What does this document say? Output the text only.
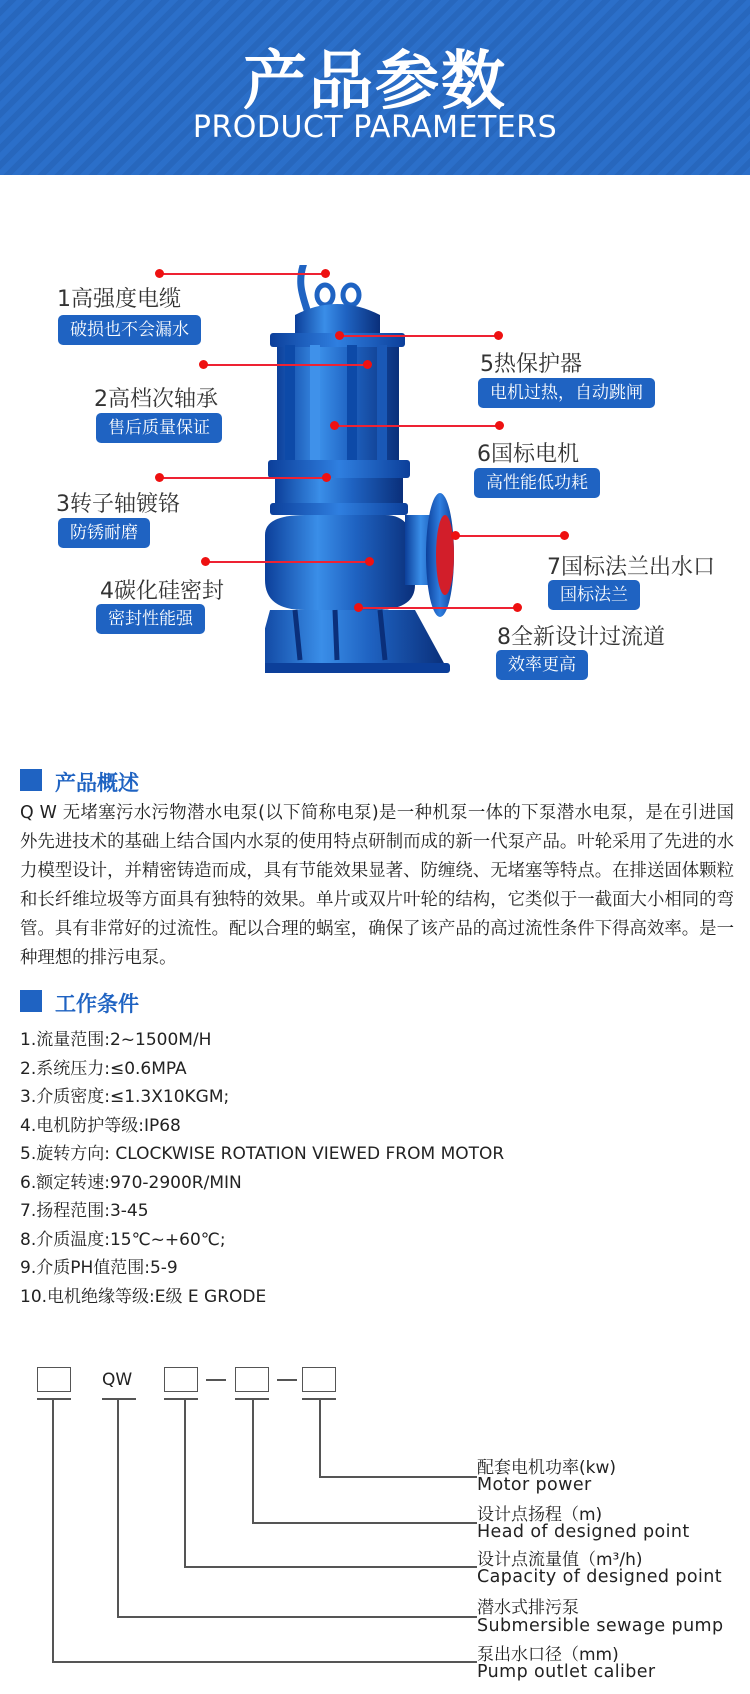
产品参数
PRODUCT PARAMETERS
1高强度电缆
破损也不会漏水
2高档次轴承
售后质量保证
3转子轴镀铬
防锈耐磨
4碳化硅密封
密封性能强
5热保护器
电机过热，自动跳闸
6国标电机
高性能低功耗
7国标法兰出水口
国标法兰
8全新设计过流道
效率更高
产品概述
Q W 无堵塞污水污物潜水电泵(以下简称电泵)是一种机泵一体的下泵潜水电泵，是在引进国外先进技术的基础上结合国内水泵的使用特点研制而成的新一代泵产品。叶轮采用了先进的水力模型设计，并精密铸造而成，具有节能效果显著、防缠绕、无堵塞等特点。在排送固体颗粒和长纤维垃圾等方面具有独特的效果。单片或双片叶轮的结构，它类似于一截面大小相同的弯管。具有非常好的过流性。配以合理的蜗室，确保了该产品的高过流性条件下得高效率。是一种理想的排污电泵。
工作条件
1.流量范围:2~1500M/H
2.系统压力:≤0.6MPA
3.介质密度:≤1.3X10KGM;
4.电机防护等级:IP68
5.旋转方向: CLOCKWISE ROTATION VIEWED FROM MOTOR
6.额定转速:970-2900R/MIN
7.扬程范围:3-45
8.介质温度:15℃~+60℃;
9.介质PH值范围:5-9
10.电机绝缘等级:E级 E GRODE
QW
配套电机功率(kw)
Motor power
设计点扬程（m)
Head of designed point
设计点流量值（m³/h)
Capacity of designed point
潜水式排污泵
Submersible sewage pump
泵出水口径（mm)
Pump outlet caliber
